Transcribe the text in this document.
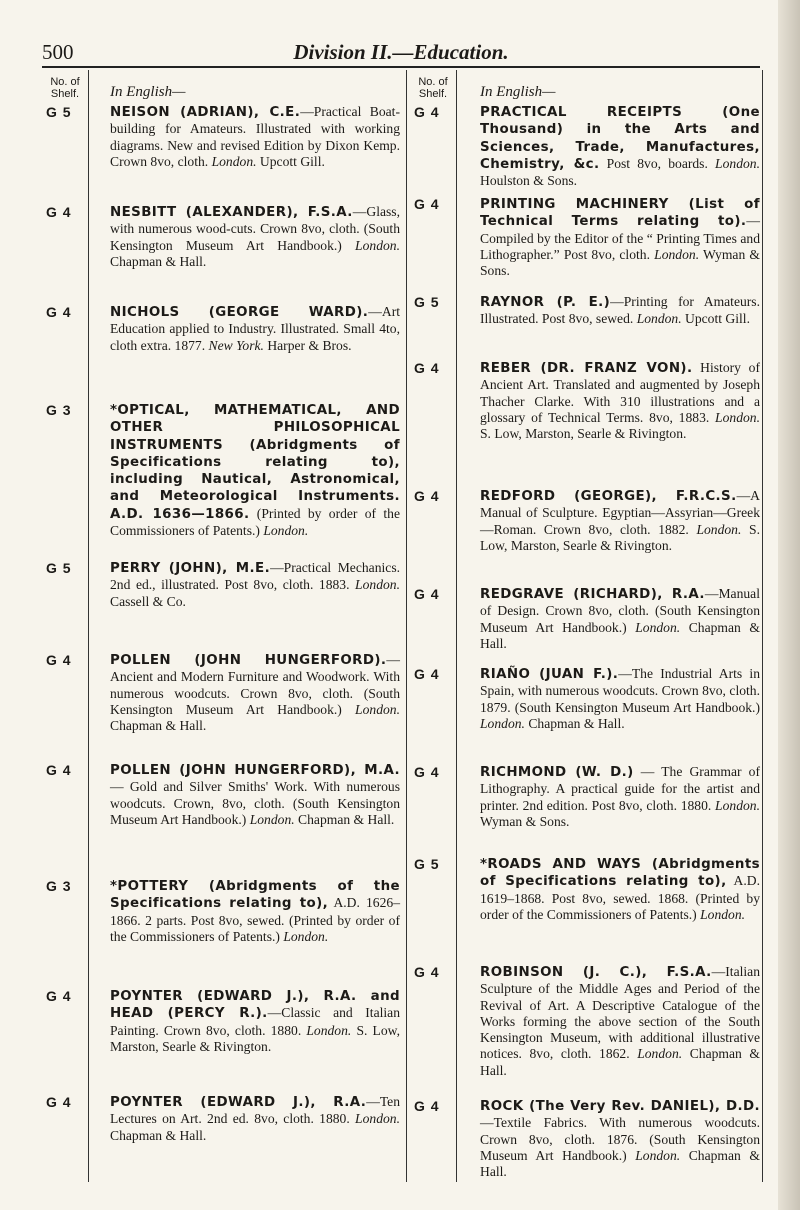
500	Division II.—Education.
No. of Shelf.	In English—
G 5	NEISON (ADRIAN), C.E.—Practical Boat-building for Amateurs. Illustrated with working diagrams. New and revised Edition by Dixon Kemp. Crown 8vo, cloth. London. Upcott Gill.
G 4	NESBITT (ALEXANDER), F.S.A.—Glass, with numerous wood-cuts. Crown 8vo, cloth. (South Kensington Museum Art Handbook.) London. Chapman & Hall.
G 4	NICHOLS (GEORGE WARD).—Art Education applied to Industry. Illustrated. Small 4to, cloth extra. 1877. New York. Harper & Bros.
G 3	*OPTICAL, MATHEMATICAL, AND OTHER PHILOSOPHICAL INSTRUMENTS (Abridgments of Specifications relating to), including Nautical, Astronomical, and Meteorological Instruments. A.D. 1636—1866. (Printed by order of the Commissioners of Patents.) London.
G 5	PERRY (JOHN), M.E.—Practical Mechanics. 2nd ed., illustrated. Post 8vo, cloth. 1883. London. Cassell & Co.
G 4	POLLEN (JOHN HUNGERFORD).—Ancient and Modern Furniture and Woodwork. With numerous woodcuts. Crown 8vo, cloth. (South Kensington Museum Art Handbook.) London. Chapman & Hall.
G 4	POLLEN (JOHN HUNGERFORD), M.A. — Gold and Silver Smiths' Work. With numerous woodcuts. Crown, 8vo, cloth. (South Kensington Museum Art Handbook.) London. Chapman & Hall.
G 3	*POTTERY (Abridgments of the Specifications relating to), A.D. 1626–1866. 2 parts. Post 8vo, sewed. (Printed by order of the Commissioners of Patents.) London.
G 4	POYNTER (EDWARD J.), R.A. and HEAD (PERCY R.).—Classic and Italian Painting. Crown 8vo, cloth. 1880. London. S. Low, Marston, Searle & Rivington.
G 4	POYNTER (EDWARD J.), R.A.—Ten Lectures on Art. 2nd ed. 8vo, cloth. 1880. London. Chapman & Hall.
No. of Shelf.	In English—
G 4	PRACTICAL RECEIPTS (One Thousand) in the Arts and Sciences, Trade, Manufactures, Chemistry, &c. Post 8vo, boards. London. Houlston & Sons.
G 4	PRINTING MACHINERY (List of Technical Terms relating to).—Compiled by the Editor of the “ Printing Times and Lithographer.” Post 8vo, cloth. London. Wyman & Sons.
G 5	RAYNOR (P. E.)—Printing for Amateurs. Illustrated. Post 8vo, sewed. London. Upcott Gill.
G 4	REBER (DR. FRANZ VON). History of Ancient Art. Translated and augmented by Joseph Thacher Clarke. With 310 illustrations and a glossary of Technical Terms. 8vo, 1883. London. S. Low, Marston, Searle & Rivington.
G 4	REDFORD (GEORGE), F.R.C.S.—A Manual of Sculpture. Egyptian—Assyrian—Greek—Roman. Crown 8vo, cloth. 1882. London. S. Low, Marston, Searle & Rivington.
G 4	REDGRAVE (RICHARD), R.A.—Manual of Design. Crown 8vo, cloth. (South Kensington Museum Art Handbook.) London. Chapman & Hall.
G 4	RIAÑO (JUAN F.).—The Industrial Arts in Spain, with numerous woodcuts. Crown 8vo, cloth. 1879. (South Kensington Museum Art Handbook.) London. Chapman & Hall.
G 4	RICHMOND (W. D.) — The Grammar of Lithography. A practical guide for the artist and printer. 2nd edition. Post 8vo, cloth. 1880. London. Wyman & Sons.
G 5	*ROADS AND WAYS (Abridgments of Specifications relating to), A.D. 1619–1868. Post 8vo, sewed. 1868. (Printed by order of the Commissioners of Patents.) London.
G 4	ROBINSON (J. C.), F.S.A.—Italian Sculpture of the Middle Ages and Period of the Revival of Art. A Descriptive Catalogue of the Works forming the above section of the South Kensington Museum, with additional illustrative notices. 8vo, cloth. 1862. London. Chapman & Hall.
G 4	ROCK (The Very Rev. DANIEL), D.D.—Textile Fabrics. With numerous woodcuts. Crown 8vo, cloth. 1876. (South Kensington Museum Art Handbook.) London. Chapman & Hall.
